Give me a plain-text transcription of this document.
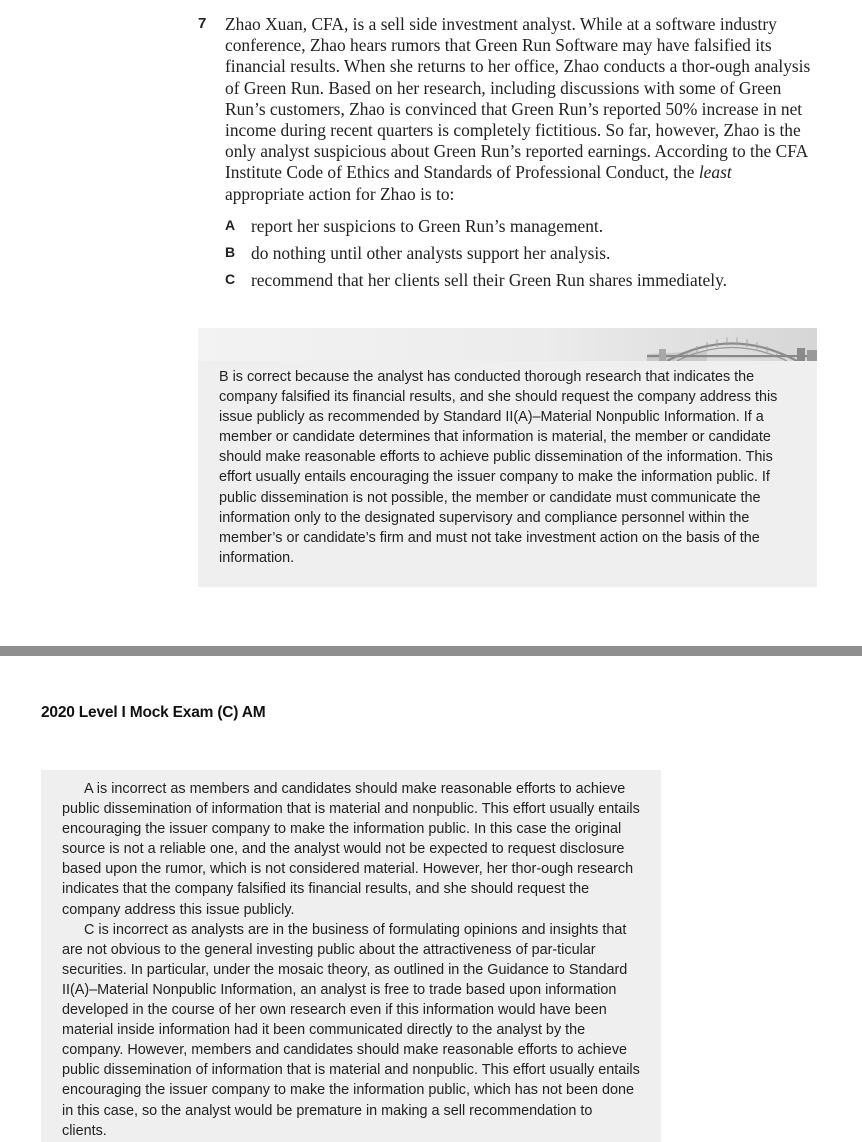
7 Zhao Xuan, CFA, is a sell side investment analyst. While at a software industry conference, Zhao hears rumors that Green Run Software may have falsified its financial results. When she returns to her office, Zhao conducts a thor-ough analysis of Green Run. Based on her research, including discussions with some of Green Run’s customers, Zhao is convinced that Green Run’s reported 50% increase in net income during recent quarters is completely fictitious. So far, however, Zhao is the only analyst suspicious about Green Run’s reported earnings. According to the CFA Institute Code of Ethics and Standards of Professional Conduct, the least appropriate action for Zhao is to:
A report her suspicions to Green Run’s management.
B do nothing until other analysts support her analysis.
C recommend that her clients sell their Green Run shares immediately.
B is correct because the analyst has conducted thorough research that indicates the company falsified its financial results, and she should request the company address this issue publicly as recommended by Standard II(A)–Material Nonpublic Information. If a member or candidate determines that information is material, the member or candidate should make reasonable efforts to achieve public dissemination of the information. This effort usually entails encouraging the issuer company to make the information public. If public dissemination is not possible, the member or candidate must communicate the information only to the designated supervisory and compliance personnel within the member’s or candidate’s firm and must not take investment action on the basis of the information.
2020 Level I Mock Exam (C) AM

A is incorrect as members and candidates should make reasonable efforts to achieve public dissemination of information that is material and nonpublic. This effort usually entails encouraging the issuer company to make the information public. In this case the original source is not a reliable one, and the analyst would not be expected to request disclosure based upon the rumor, which is not considered material. However, her thor-ough research indicates that the company falsified its financial results, and she should request the company address this issue publicly.

C is incorrect as analysts are in the business of formulating opinions and insights that are not obvious to the general investing public about the attractiveness of par-ticular securities. In particular, under the mosaic theory, as outlined in the Guidance to Standard II(A)–Material Nonpublic Information, an analyst is free to trade based upon information developed in the course of her own research even if this information would have been material inside information had it been communicated directly to the analyst by the company. However, members and candidates should make reasonable efforts to achieve public dissemination of information that is material and nonpublic. This effort usually entails encouraging the issuer company to make the information public, which has not been done in this case, so the analyst would be premature in making a sell recommendation to clients.
